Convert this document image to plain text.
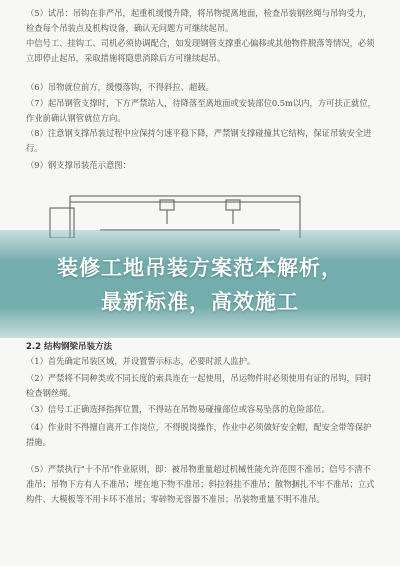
（5）试吊：吊钩在非严吊，起重机缓慢升降，将吊物提离地面，检查吊装钢丝绳与吊钩受力，检查每个吊装点及机构设备，确认无问题方可继续起吊。
中信号工、挂钩工、司机必须协调配合，如发现钢管支撑重心偏移或其他物件脱落等情况，必须立即停止起吊，采取措施将隐患消除后方可继续起吊。
（6）吊物就位前方，缓慢落钩，不得斜拉、超载。
（7）起吊钢管支撑时，下方严禁站人，待降落至离地面或安装部位0.5m以内，方可扶正就位，作业前确认钢管就位方向。
（8）注意钢支撑吊装过程中应保持匀速平稳下降，严禁钢支撑碰撞其它结构，保证吊装安全进行。
（9）钢支撑吊装范示意图：
装修工地吊装方案范本解析，
最新标准，高效施工
2.2 结构钢梁吊装方法
（1）首先确定吊装区域，并设置警示标志，必要时派人监护。
（2）严禁将不同种类或不同长度的索具连在一起使用，吊运物件时必须使用有证的吊钩，同时检查钢丝绳。
（3）信号工正确选择指挥位置，不得站在吊物易碰撞部位或容易坠落的危险部位。
（4）作业时不得擅自离开工作岗位，不得脱岗操作，作业中必须做好安全帽，配安全带等保护措施。
（5）严禁执行"十不吊"作业原则，即：被吊物重量超过机械性能允许范围不准吊；信号不清不准吊；吊物下方有人不准吊；埋在地下物不准吊；斜拉斜挂不准吊；散物捆扎不牢不准吊；立式构件、大模板等不用卡环不准吊；零碎物无容器不准吊；吊装物重量不明不准吊。
